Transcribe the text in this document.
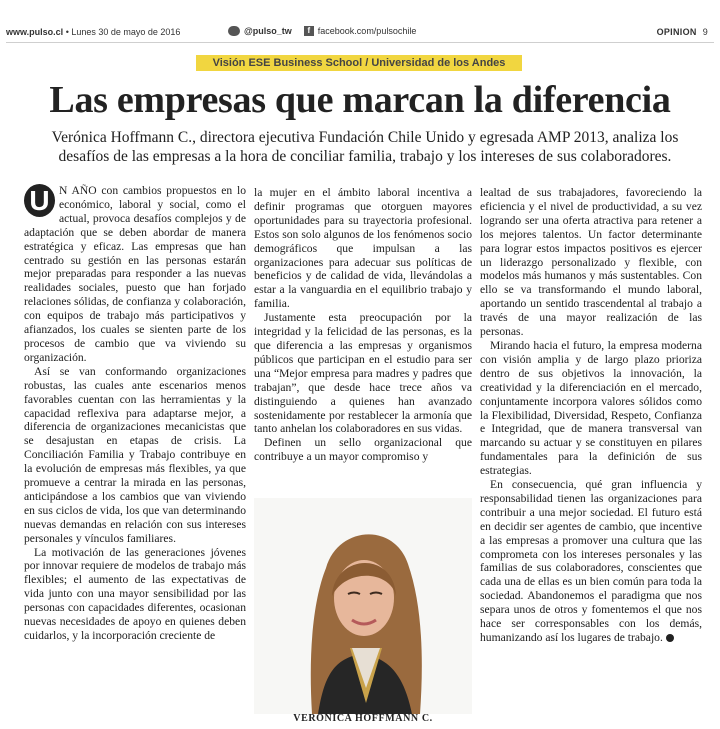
www.pulso.cl • Lunes 30 de mayo de 2016	@pulso_tw	f facebook.com/pulsochile	OPINION 9
Visión ESE Business School / Universidad de los Andes
Las empresas que marcan la diferencia

Verónica Hoffmann C., directora ejecutiva Fundación Chile Unido y egresada AMP 2013, analiza los desafíos de las empresas a la hora de conciliar familia, trabajo y los intereses de sus colaboradores.

U N AÑO con cambios propuestos en lo económico, laboral y social, como el actual, provoca desafíos complejos y de adaptación que se deben abordar de manera estratégica y eficaz. Las empresas que han centrado su gestión en las personas estarán mejor preparadas para responder a las nuevas realidades sociales, puesto que han forjado relaciones sólidas, de confianza y colaboración, con equipos de trabajo más participativos y afianzados, los cuales se sienten parte de los procesos de cambio que va viviendo su organización.

Así se van conformando organizaciones robustas, las cuales ante escenarios menos favorables cuentan con las herramientas y la capacidad reflexiva para adaptarse mejor, a diferencia de organizaciones mecanicistas que se desajustan en etapas de crisis. La Conciliación Familia y Trabajo contribuye en la evolución de empresas más flexibles, ya que promueve a centrar la mirada en las personas, anticipándose a los cambios que van viviendo en sus ciclos de vida, los que van determinando nuevas demandas en relación con sus intereses personales y vínculos familiares.

La motivación de las generaciones jóvenes por innovar requiere de modelos de trabajo más flexibles; el aumento de las expectativas de vida junto con una mayor sensibilidad por las personas con capacidades diferentes, ocasionan nuevas necesidades de apoyo en quienes deben cuidarlos, y la incorporación creciente de

la mujer en el ámbito laboral incentiva a definir programas que otorguen mayores oportunidades para su trayectoria profesional. Estos son solo algunos de los fenómenos socio demográficos que impulsan a las organizaciones para adecuar sus políticas de beneficios y de calidad de vida, llevándolas a estar a la vanguardia en el equilibrio trabajo y familia.

Justamente esta preocupación por la integridad y la felicidad de las personas, es la que diferencia a las empresas y organismos públicos que participan en el estudio para ser una “Mejor empresa para madres y padres que trabajan”, que desde hace trece años va distinguiendo a quienes han avanzado sostenidamente por restablecer la armonía que tanto anhelan los colaboradores en sus vidas.

Definen un sello organizacional que contribuye a un mayor compromiso y

VERÓNICA HOFFMANN C.

lealtad de sus trabajadores, favoreciendo la eficiencia y el nivel de productividad, a su vez logrando ser una oferta atractiva para retener a los mejores talentos. Un factor determinante para lograr estos impactos positivos es ejercer un liderazgo personalizado y flexible, con modelos más humanos y más sustentables. Con ello se va transformando el mundo laboral, aportando un sentido trascendental al trabajo a través de una mayor realización de las personas.

Mirando hacia el futuro, la empresa moderna con visión amplia y de largo plazo prioriza dentro de sus objetivos la innovación, la creatividad y la diferenciación en el mercado, conjuntamente incorpora valores sólidos como la Flexibilidad, Diversidad, Respeto, Confianza e Integridad, que de manera transversal van marcando su actuar y se constituyen en pilares fundamentales para la definición de sus estrategias.

En consecuencia, qué gran influencia y responsabilidad tienen las organizaciones para contribuir a una mejor sociedad. El futuro está en decidir ser agentes de cambio, que incentive a las empresas a promover una cultura que las comprometa con los intereses personales y las familias de sus colaboradores, conscientes que cada una de ellas es un bien común para toda la sociedad. Abandonemos el paradigma que nos separa unos de otros y fomentemos el que nos hace ser corresponsables con los demás, humanizando así los lugares de trabajo.
